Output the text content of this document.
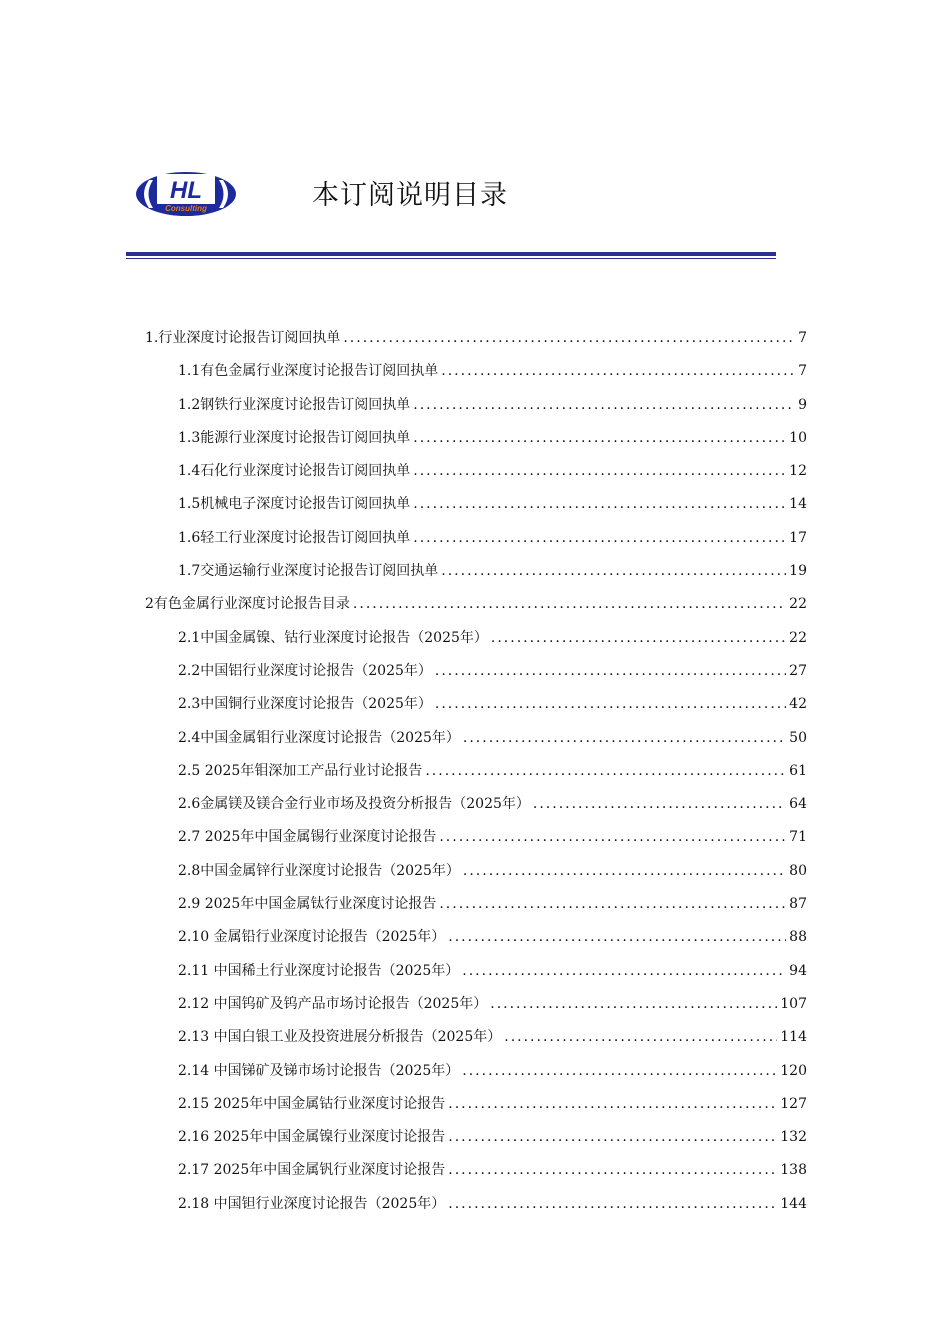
HL
Consulting	本订阅说明目录
1.行业深度讨论报告订阅回执单 .....	7
1.1有色金属行业深度讨论报告订阅回执单 .....	7
1.2钢铁行业深度讨论报告订阅回执单 .....	9
1.3能源行业深度讨论报告订阅回执单 .....	10
1.4石化行业深度讨论报告订阅回执单 .....	12
1.5机械电子深度讨论报告订阅回执单 .....	14
1.6轻工行业深度讨论报告订阅回执单 .....	17
1.7交通运输行业深度讨论报告订阅回执单 .....	19
2有色金属行业深度讨论报告目录 .....	22
2.1中国金属镍、钴行业深度讨论报告（2025年） .....	22
2.2中国铝行业深度讨论报告（2025年） .....	27
2.3中国铜行业深度讨论报告（2025年） .....	42
2.4中国金属钼行业深度讨论报告（2025年） .....	50
2.5 2025年钼深加工产品行业讨论报告 .....	61
2.6金属镁及镁合金行业市场及投资分析报告（2025年） .....	64
2.7 2025年中国金属锡行业深度讨论报告 .....	71
2.8中国金属锌行业深度讨论报告（2025年） .....	80
2.9 2025年中国金属钛行业深度讨论报告 .....	87
2.10 金属铅行业深度讨论报告（2025年） .....	88
2.11 中国稀土行业深度讨论报告（2025年） .....	94
2.12 中国钨矿及钨产品市场讨论报告（2025年） .....	107
2.13 中国白银工业及投资进展分析报告（2025年） .....	114
2.14 中国锑矿及锑市场讨论报告（2025年） .....	120
2.15 2025年中国金属钴行业深度讨论报告 .....	127
2.16 2025年中国金属镍行业深度讨论报告 .....	132
2.17 2025年中国金属钒行业深度讨论报告 .....	138
2.18 中国钽行业深度讨论报告（2025年） .....	144
